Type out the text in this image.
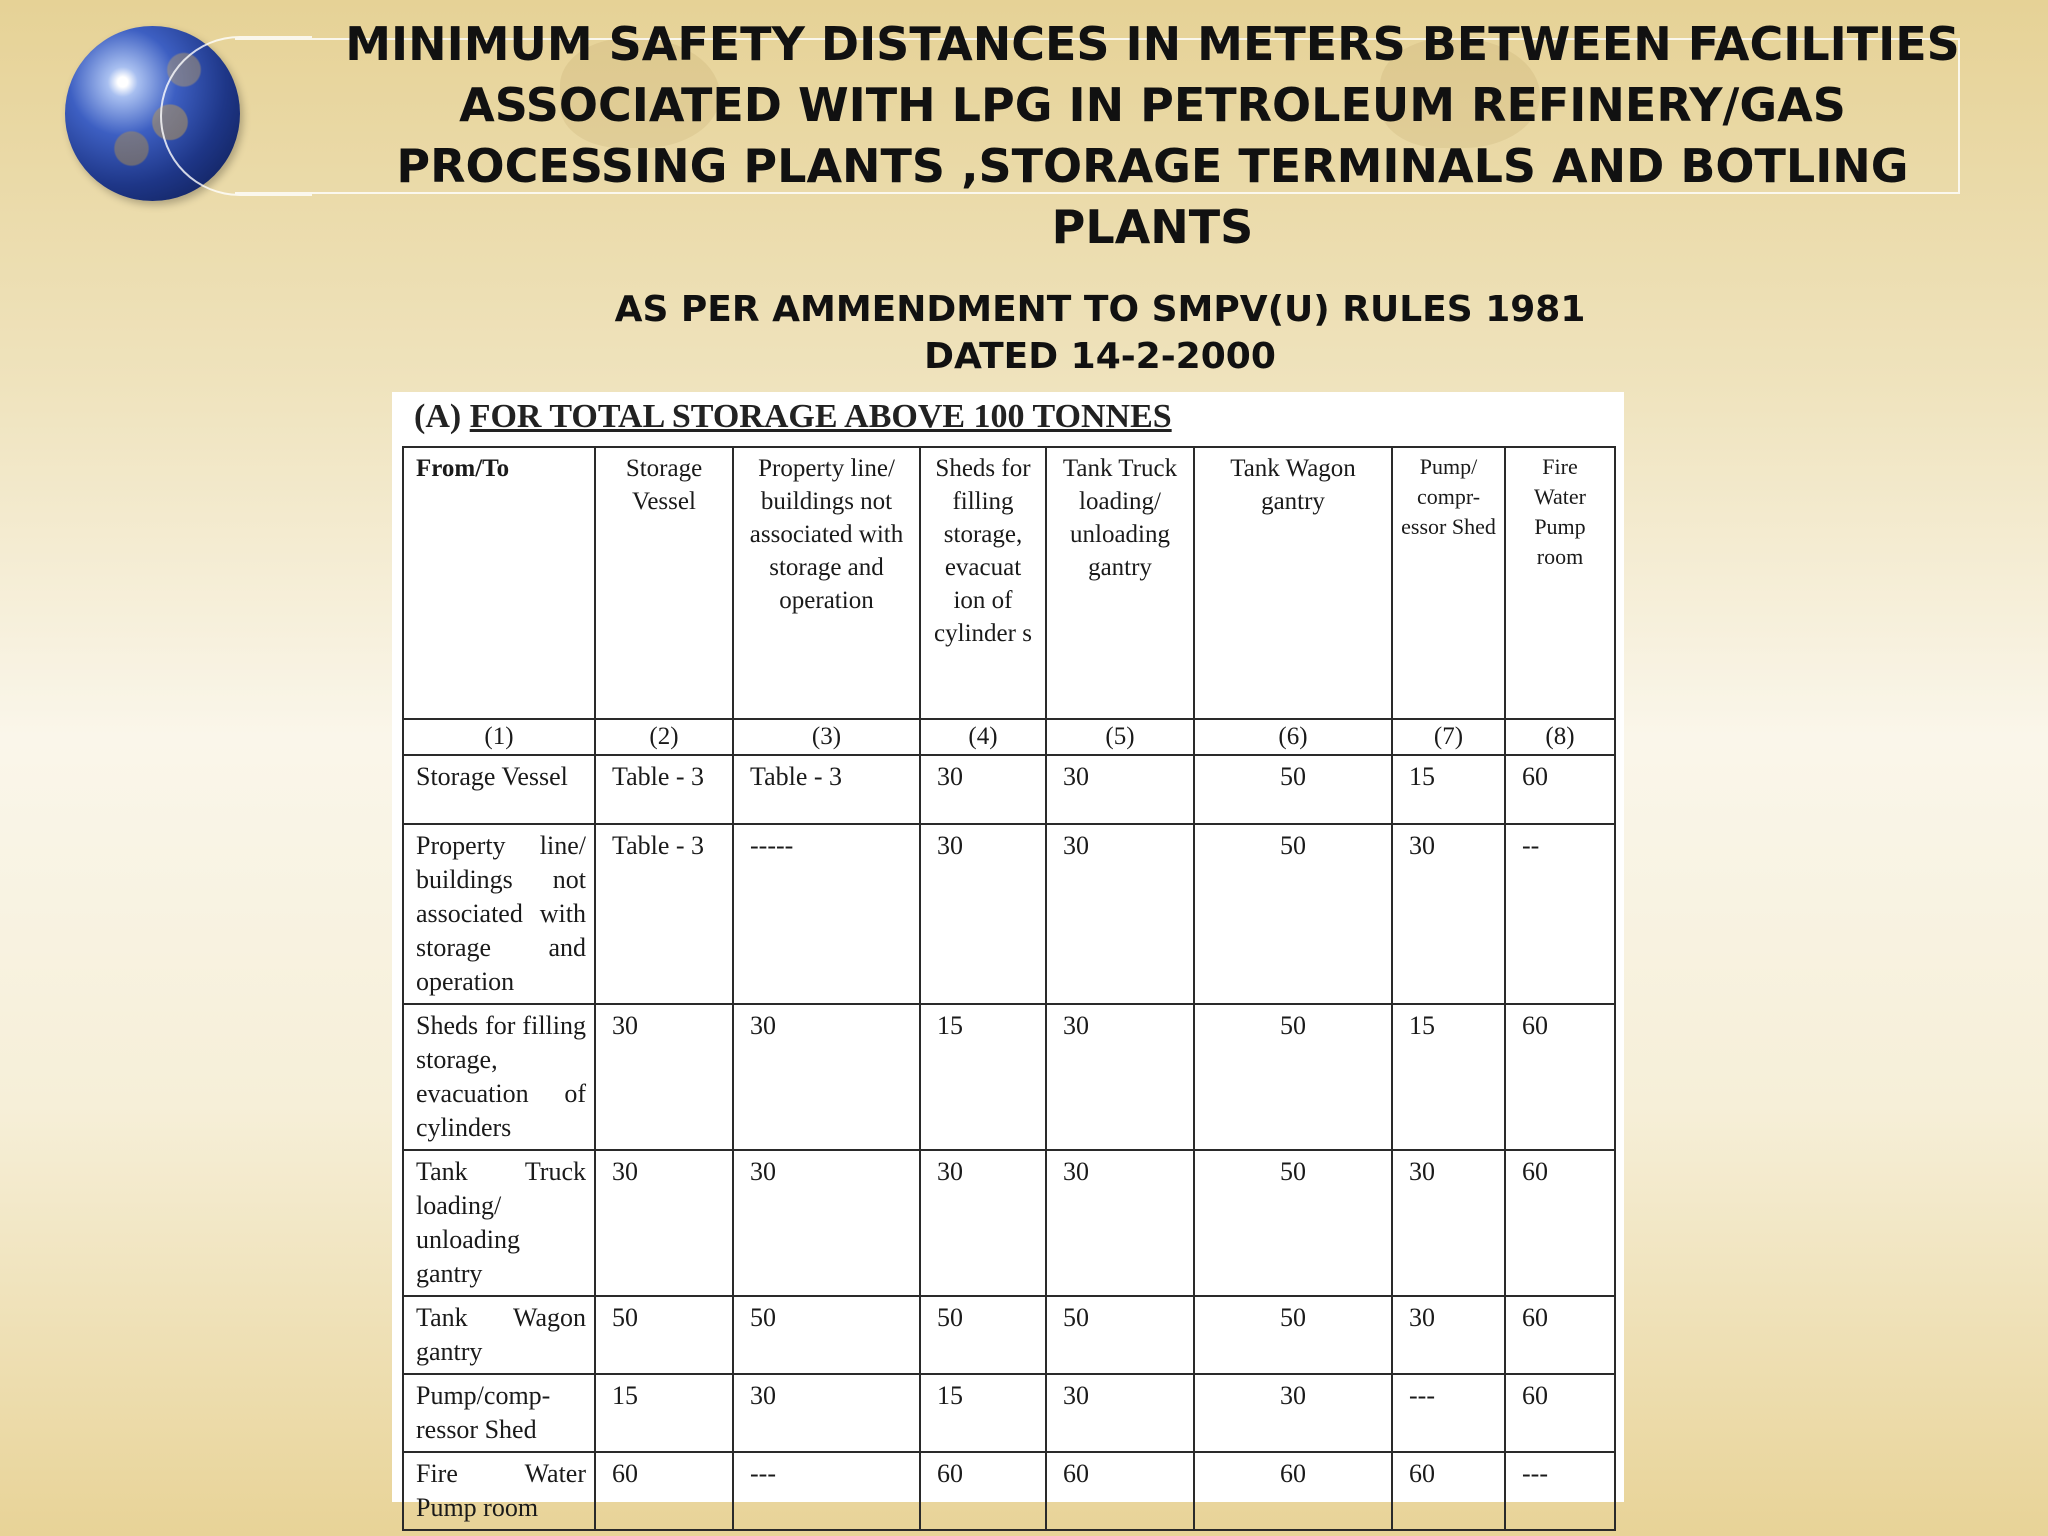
MINIMUM SAFETY DISTANCES IN METERS BETWEEN FACILITIES ASSOCIATED WITH LPG IN PETROLEUM REFINERY/GAS PROCESSING PLANTS ,STORAGE TERMINALS AND BOTLING PLANTS
AS PER AMMENDMENT TO SMPV(U) RULES 1981
DATED 14-2-2000
(A) FOR TOTAL STORAGE ABOVE 100 TONNES
From/To	Storage Vessel	Property line/ buildings not associated with storage and operation	Sheds for filling storage, evacuat ion of cylinder s	Tank Truck loading/ unloading gantry	Tank Wagon gantry	Pump/ compr- essor Shed	Fire Water Pump room
(1)	(2)	(3)	(4)	(5)	(6)	(7)	(8)
Storage Vessel	Table - 3	Table - 3	30	30	50	15	60
Property line/ buildings not associated with storage and operation	Table - 3	-----	30	30	50	30	--
Sheds for filling storage, evacuation of cylinders	30	30	15	30	50	15	60
Tank Truck loading/ unloading gantry	30	30	30	30	50	30	60
Tank Wagon gantry	50	50	50	50	50	30	60
Pump/comp-ressor Shed	15	30	15	30	30	---	60
Fire Water Pump room	60	---	60	60	60	60	---
